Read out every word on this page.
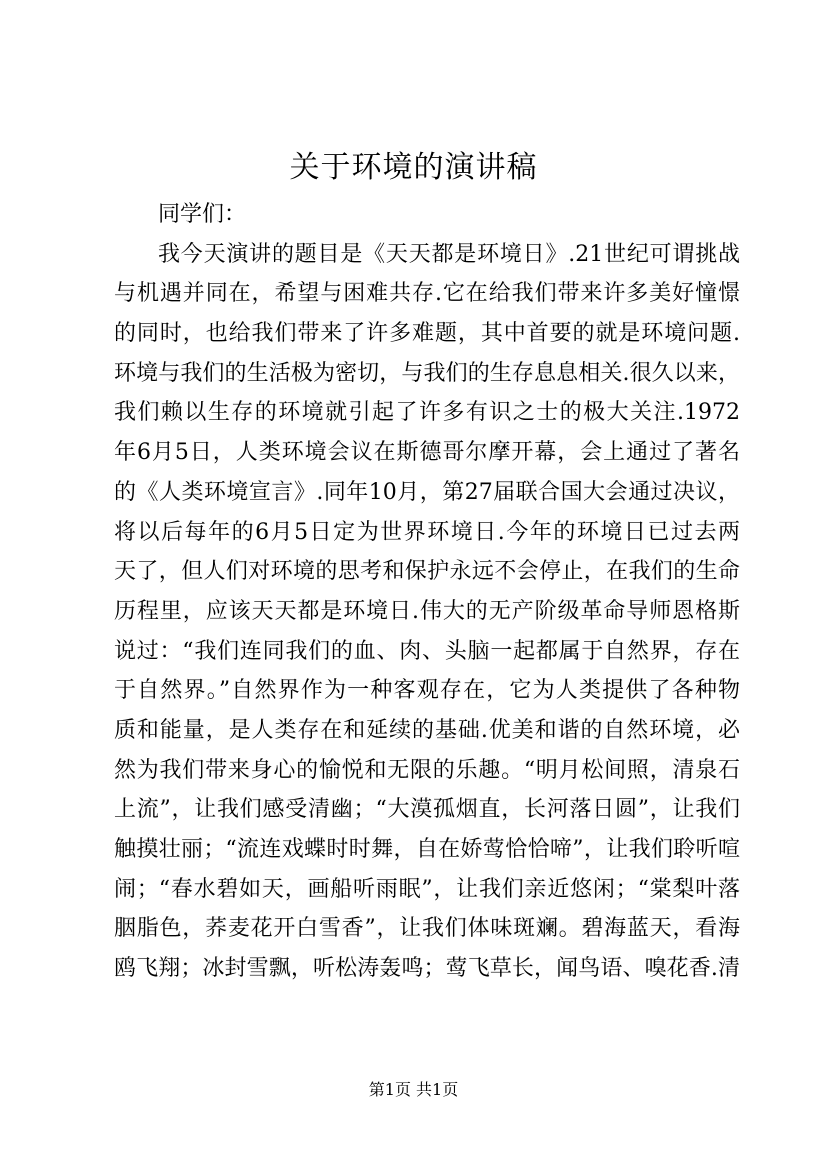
关于环境的演讲稿
同学们：
我今天演讲的题目是《天天都是环境日》.21世纪可谓挑战
与机遇并同在，希望与困难共存.它在给我们带来许多美好憧憬
的同时，也给我们带来了许多难题，其中首要的就是环境问题.
环境与我们的生活极为密切，与我们的生存息息相关.很久以来，
我们赖以生存的环境就引起了许多有识之士的极大关注.1972
年6月5日，人类环境会议在斯德哥尔摩开幕，会上通过了著名
的《人类环境宣言》.同年10月，第27届联合国大会通过决议，
将以后每年的6月5日定为世界环境日.今年的环境日已过去两
天了，但人们对环境的思考和保护永远不会停止，在我们的生命
历程里，应该天天都是环境日.伟大的无产阶级革命导师恩格斯
说过：“我们连同我们的血、肉、头脑一起都属于自然界，存在
于自然界。”自然界作为一种客观存在，它为人类提供了各种物
质和能量，是人类存在和延续的基础.优美和谐的自然环境，必
然为我们带来身心的愉悦和无限的乐趣。“明月松间照，清泉石
上流”，让我们感受清幽；“大漠孤烟直，长河落日圆”，让我们
触摸壮丽；“流连戏蝶时时舞，自在娇莺恰恰啼”，让我们聆听喧
闹；“春水碧如天，画船听雨眠”，让我们亲近悠闲；“棠梨叶落
胭脂色，荞麦花开白雪香”，让我们体味斑斓。碧海蓝天，看海
鸥飞翔；冰封雪飘，听松涛轰鸣；莺飞草长，闻鸟语、嗅花香.清
第1页 共1页
